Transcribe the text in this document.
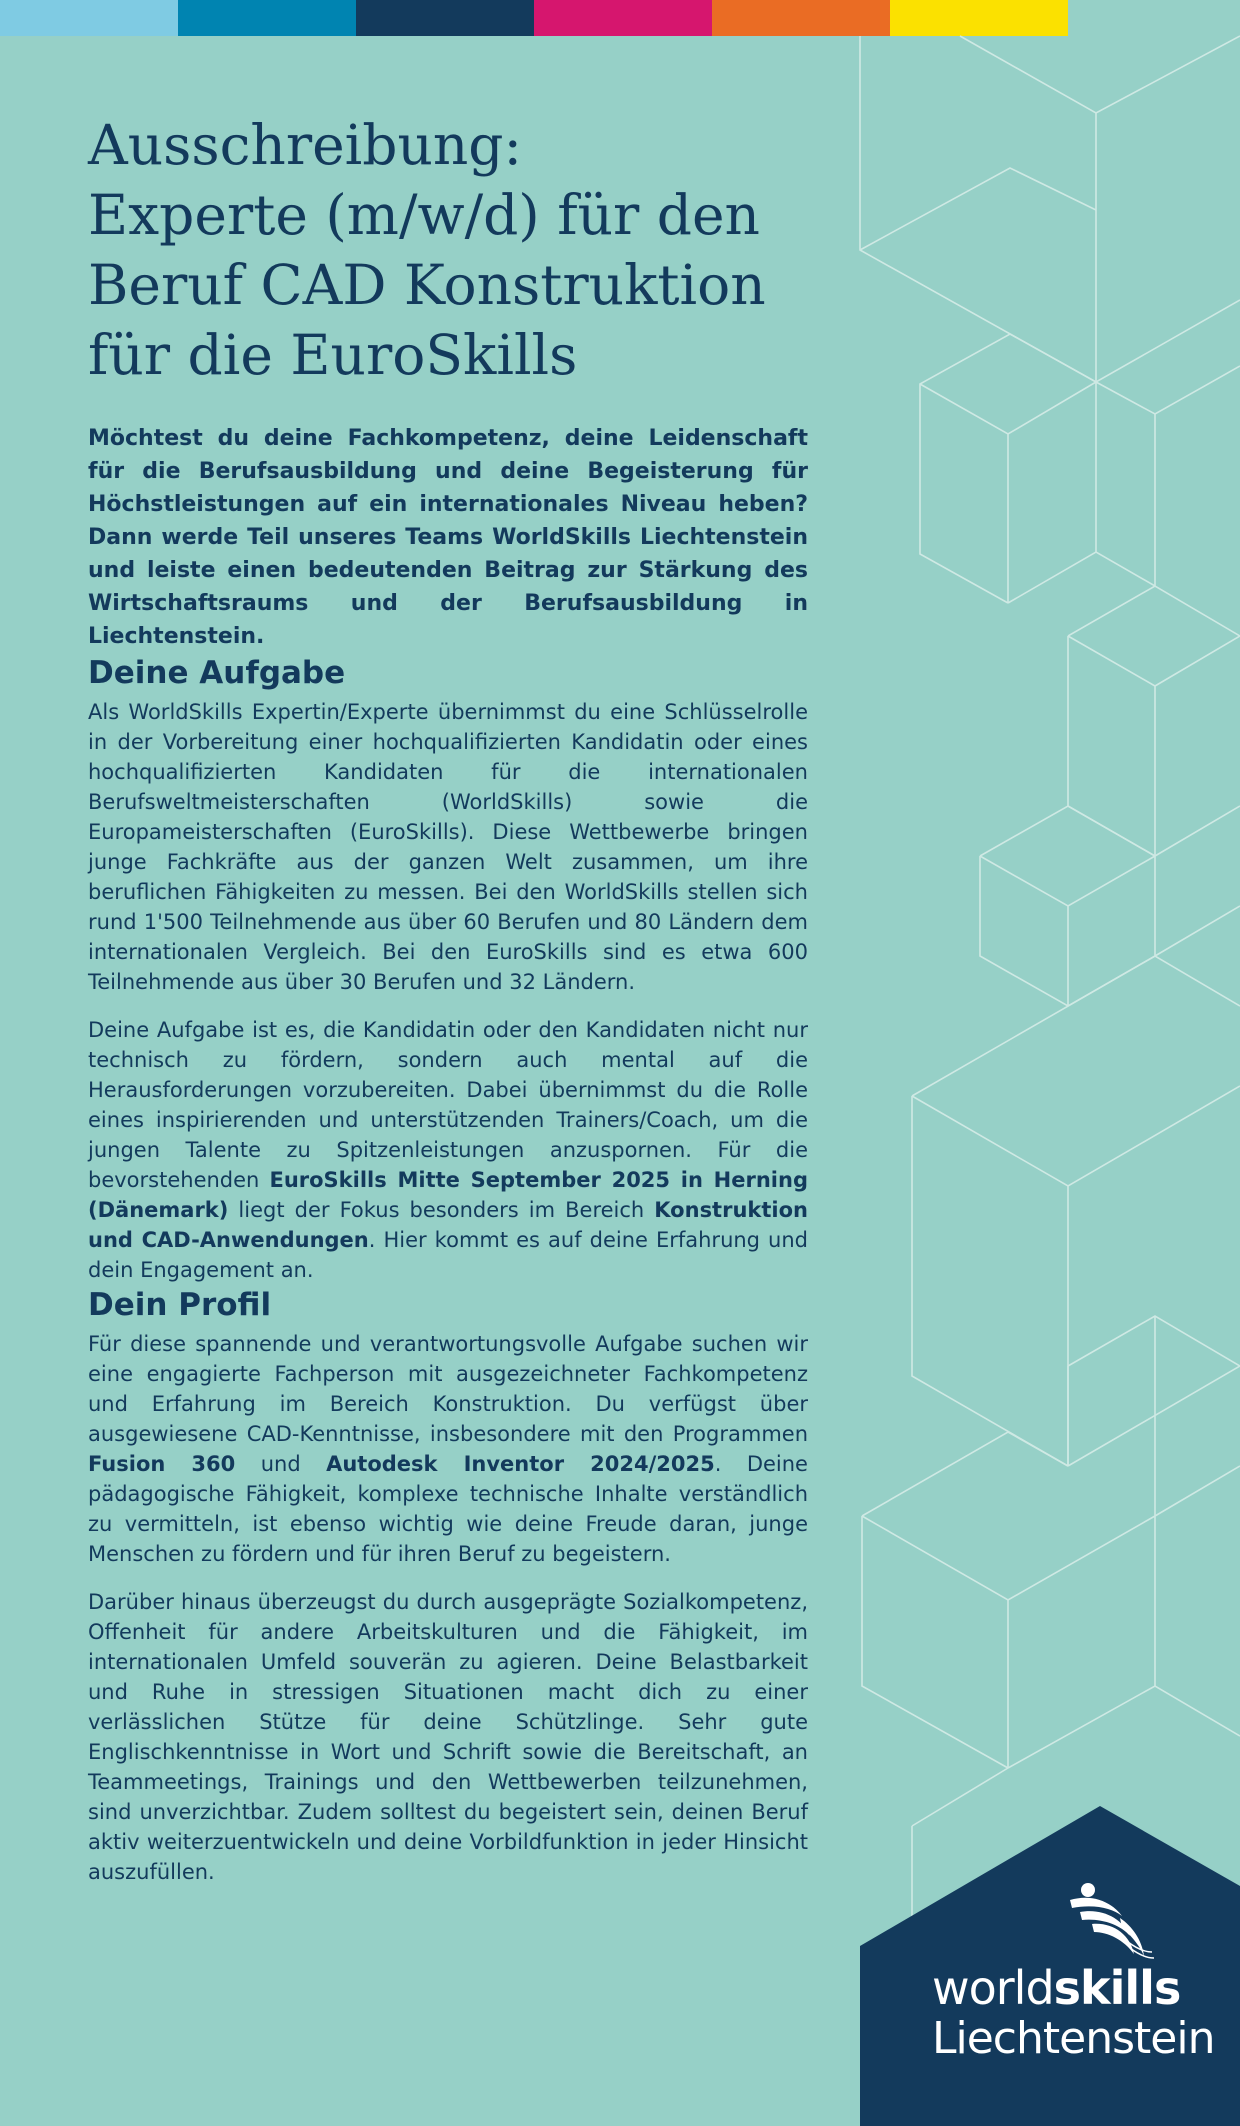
Ausschreibung:
Experte (m/w/d) für den
Beruf CAD Konstruktion
für die EuroSkills

Möchtest du deine Fachkompetenz, deine Leidenschaft für die Berufsausbildung und deine Begeisterung für Höchstleistungen auf ein internationales Niveau heben? Dann werde Teil unseres Teams WorldSkills Liechtenstein und leiste einen bedeutenden Beitrag zur Stärkung des Wirtschaftsraums und der Berufsausbildung in Liechtenstein.

Deine Aufgabe

Als WorldSkills Expertin/Experte übernimmst du eine Schlüsselrolle in der Vorbereitung einer hochqualifizierten Kandidatin oder eines hochqualifizierten Kandidaten für die internationalen Berufsweltmeisterschaften (WorldSkills) sowie die Europameisterschaften (EuroSkills). Diese Wettbewerbe bringen junge Fachkräfte aus der ganzen Welt zusammen, um ihre beruflichen Fähigkeiten zu messen. Bei den WorldSkills stellen sich rund 1'500 Teilnehmende aus über 60 Berufen und 80 Ländern dem internationalen Vergleich. Bei den EuroSkills sind es etwa 600 Teilnehmende aus über 30 Berufen und 32 Ländern.

Deine Aufgabe ist es, die Kandidatin oder den Kandidaten nicht nur technisch zu fördern, sondern auch mental auf die Herausforderungen vorzubereiten. Dabei übernimmst du die Rolle eines inspirierenden und unterstützenden Trainers/Coach, um die jungen Talente zu Spitzenleistungen anzuspornen. Für die bevorstehenden EuroSkills Mitte September 2025 in Herning (Dänemark) liegt der Fokus besonders im Bereich Konstruktion und CAD-Anwendungen. Hier kommt es auf deine Erfahrung und dein Engagement an.

Dein Profil

Für diese spannende und verantwortungsvolle Aufgabe suchen wir eine engagierte Fachperson mit ausgezeichneter Fachkompetenz und Erfahrung im Bereich Konstruktion. Du verfügst über ausgewiesene CAD-Kenntnisse, insbesondere mit den Programmen Fusion 360 und Autodesk Inventor 2024/2025. Deine pädagogische Fähigkeit, komplexe technische Inhalte verständlich zu vermitteln, ist ebenso wichtig wie deine Freude daran, junge Menschen zu fördern und für ihren Beruf zu begeistern.

Darüber hinaus überzeugst du durch ausgeprägte Sozialkompetenz, Offenheit für andere Arbeitskulturen und die Fähigkeit, im internationalen Umfeld souverän zu agieren. Deine Belastbarkeit und Ruhe in stressigen Situationen macht dich zu einer verlässlichen Stütze für deine Schützlinge. Sehr gute Englischkenntnisse in Wort und Schrift sowie die Bereitschaft, an Teammeetings, Trainings und den Wettbewerben teilzunehmen, sind unverzichtbar. Zudem solltest du begeistert sein, deinen Beruf aktiv weiterzuentwickeln und deine Vorbildfunktion in jeder Hinsicht auszufüllen.

worldskills
Liechtenstein
